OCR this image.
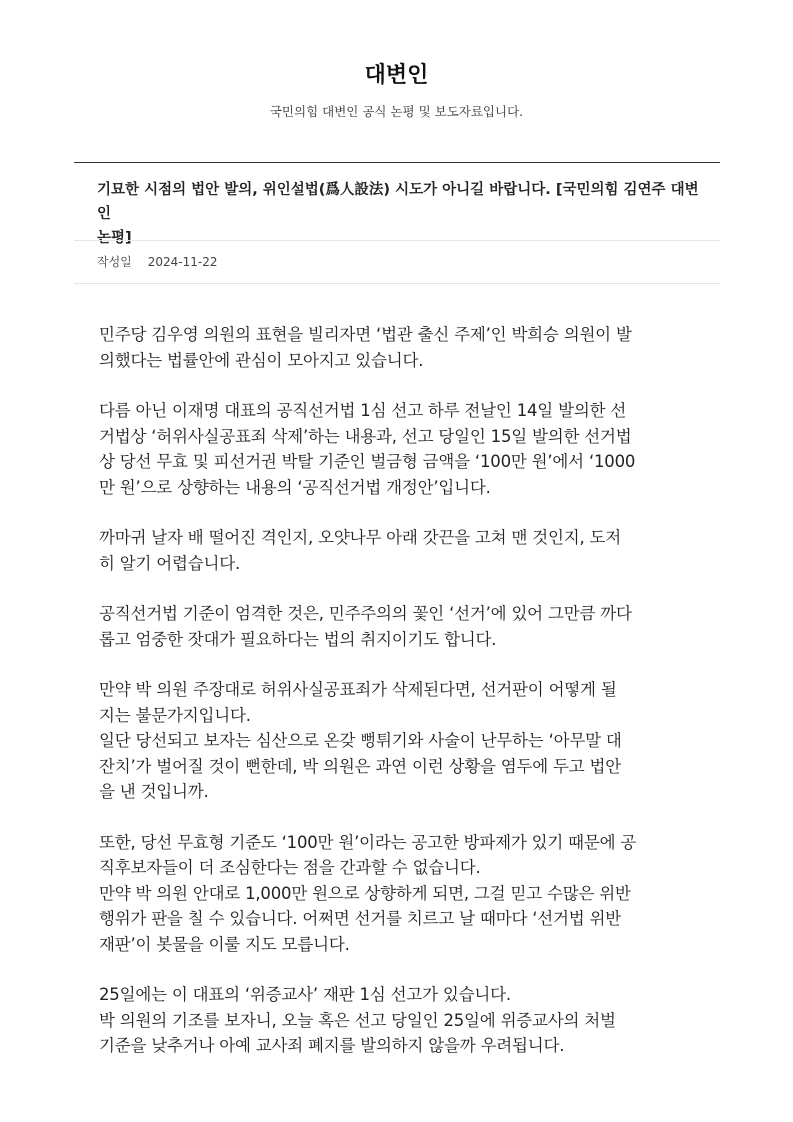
대변인
국민의힘 대변인 공식 논평 및 보도자료입니다.
기묘한 시점의 법안 발의, 위인설법(爲人設法) 시도가 아니길 바랍니다. [국민의힘 김연주 대변인
논평]
작성일 2024-11-22

민주당 김우영 의원의 표현을 빌리자면 ‘법관 출신 주제’인 박희승 의원이 발
의했다는 법률안에 관심이 모아지고 있습니다.

다름 아닌 이재명 대표의 공직선거법 1심 선고 하루 전날인 14일 발의한 선
거법상 ‘허위사실공표죄 삭제’하는 내용과, 선고 당일인 15일 발의한 선거법
상 당선 무효 및 피선거권 박탈 기준인 벌금형 금액을 ‘100만 원’에서 ‘1000
만 원’으로 상향하는 내용의 ‘공직선거법 개정안’입니다.

까마귀 날자 배 떨어진 격인지, 오얏나무 아래 갓끈을 고쳐 맨 것인지, 도저
히 알기 어렵습니다.

공직선거법 기준이 엄격한 것은, 민주주의의 꽃인 ‘선거’에 있어 그만큼 까다
롭고 엄중한 잣대가 필요하다는 법의 취지이기도 합니다.

만약 박 의원 주장대로 허위사실공표죄가 삭제된다면, 선거판이 어떻게 될
지는 불문가지입니다.
일단 당선되고 보자는 심산으로 온갖 뻥튀기와 사술이 난무하는 ‘아무말 대
잔치’가 벌어질 것이 뻔한데, 박 의원은 과연 이런 상황을 염두에 두고 법안
을 낸 것입니까.

또한, 당선 무효형 기준도 ‘100만 원’이라는 공고한 방파제가 있기 때문에 공
직후보자들이 더 조심한다는 점을 간과할 수 없습니다.
만약 박 의원 안대로 1,000만 원으로 상향하게 되면, 그걸 믿고 수많은 위반
행위가 판을 칠 수 있습니다. 어쩌면 선거를 치르고 날 때마다 ‘선거법 위반
재판’이 봇물을 이룰 지도 모릅니다.

25일에는 이 대표의 ‘위증교사’ 재판 1심 선고가 있습니다.
박 의원의 기조를 보자니, 오늘 혹은 선고 당일인 25일에 위증교사의 처벌
기준을 낮추거나 아예 교사죄 폐지를 발의하지 않을까 우려됩니다.
